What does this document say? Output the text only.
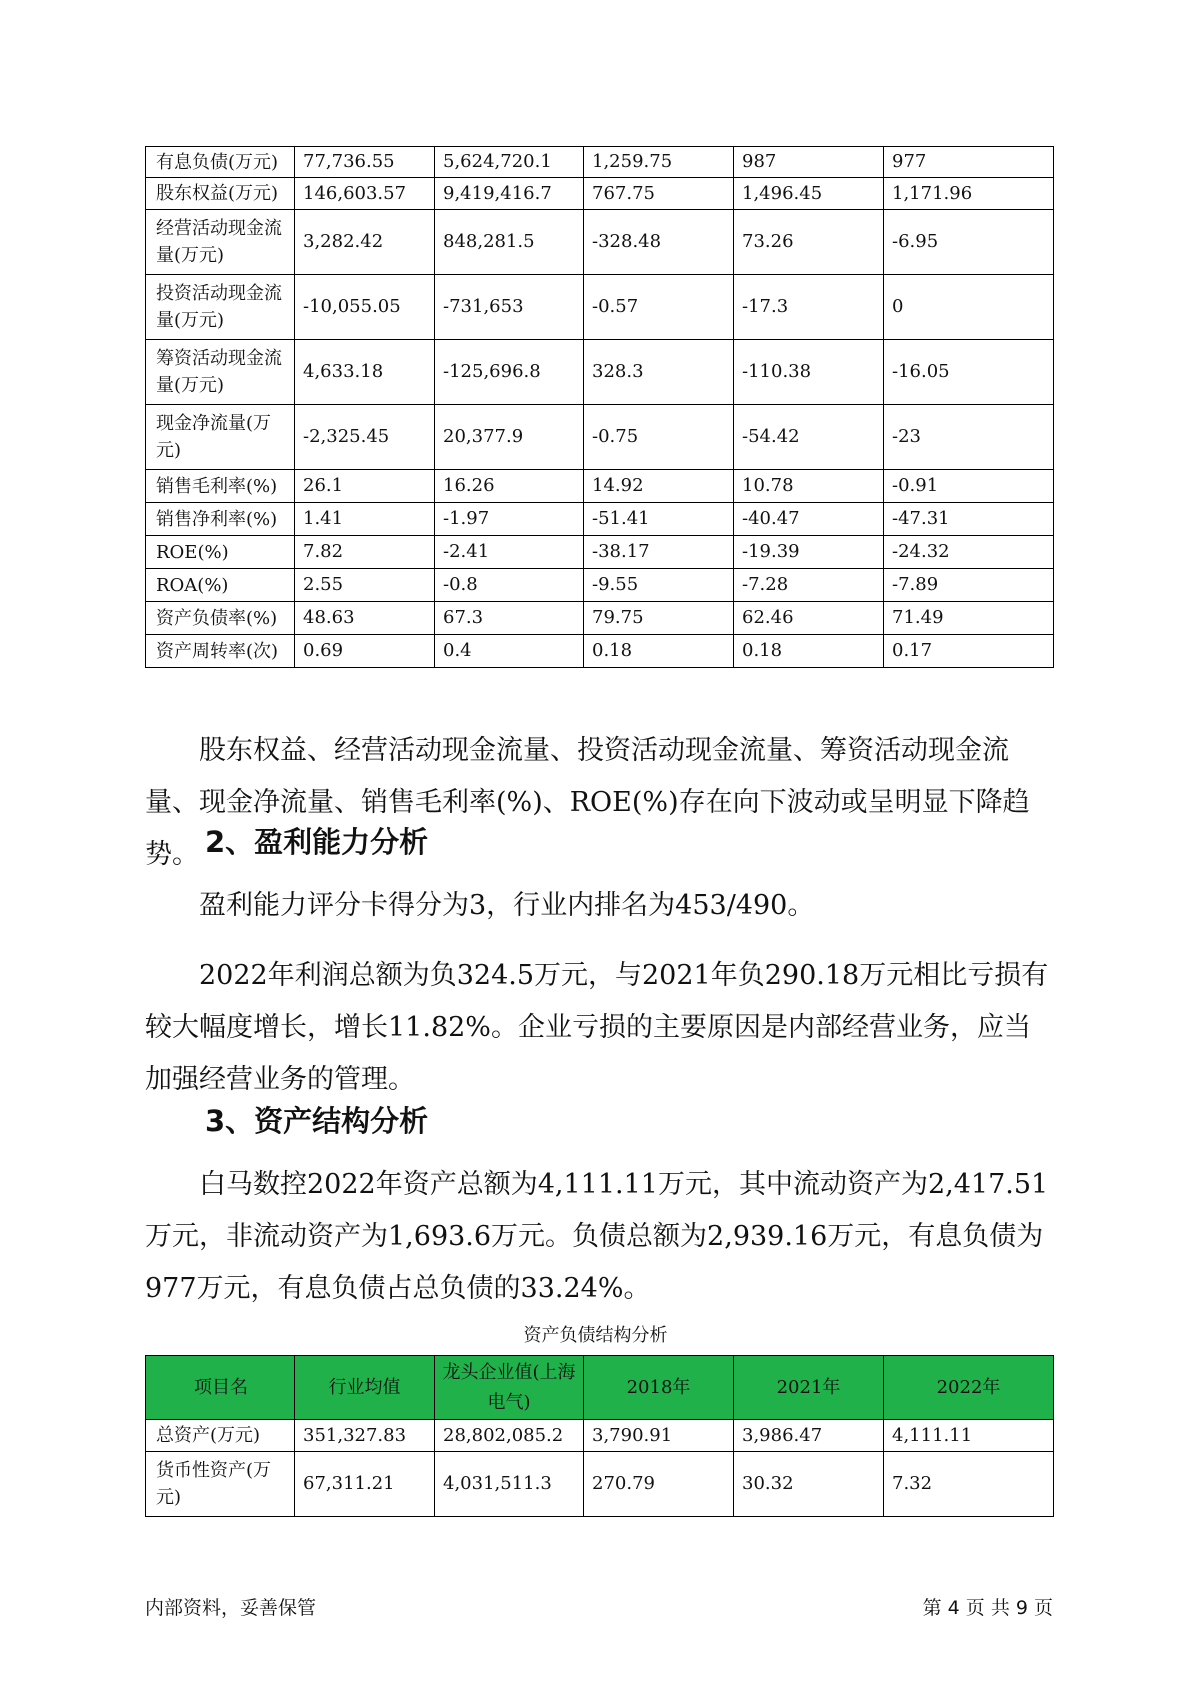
有息负债(万元)	77,736.55	5,624,720.1	1,259.75	987	977
股东权益(万元)	146,603.57	9,419,416.7	767.75	1,496.45	1,171.96
经营活动现金流量(万元)	3,282.42	848,281.5	-328.48	73.26	-6.95
投资活动现金流量(万元)	-10,055.05	-731,653	-0.57	-17.3	0
筹资活动现金流量(万元)	4,633.18	-125,696.8	328.3	-110.38	-16.05
现金净流量(万元)	-2,325.45	20,377.9	-0.75	-54.42	-23
销售毛利率(%)	26.1	16.26	14.92	10.78	-0.91
销售净利率(%)	1.41	-1.97	-51.41	-40.47	-47.31
ROE(%)	7.82	-2.41	-38.17	-19.39	-24.32
ROA(%)	2.55	-0.8	-9.55	-7.28	-7.89
资产负债率(%)	48.63	67.3	79.75	62.46	71.49
资产周转率(次)	0.69	0.4	0.18	0.18	0.17

股东权益、经营活动现金流量、投资活动现金流量、筹资活动现金流量、现金净流量、销售毛利率(%)、ROE(%)存在向下波动或呈明显下降趋势。 2、盈利能力分析

盈利能力评分卡得分为3，行业内排名为453/490。

2022年利润总额为负324.5万元，与2021年负290.18万元相比亏损有较大幅度增长，增长11.82%。企业亏损的主要原因是内部经营业务，应当加强经营业务的管理。

3、资产结构分析

白马数控2022年资产总额为4,111.11万元，其中流动资产为2,417.51万元，非流动资产为1,693.6万元。负债总额为2,939.16万元，有息负债为977万元，有息负债占总负债的33.24%。

资产负债结构分析
项目名	行业均值	龙头企业值(上海电气)	2018年	2021年	2022年
总资产(万元)	351,327.83	28,802,085.2	3,790.91	3,986.47	4,111.11
货币性资产(万元)	67,311.21	4,031,511.3	270.79	30.32	7.32
内部资料，妥善保管	第 4 页 共 9 页
